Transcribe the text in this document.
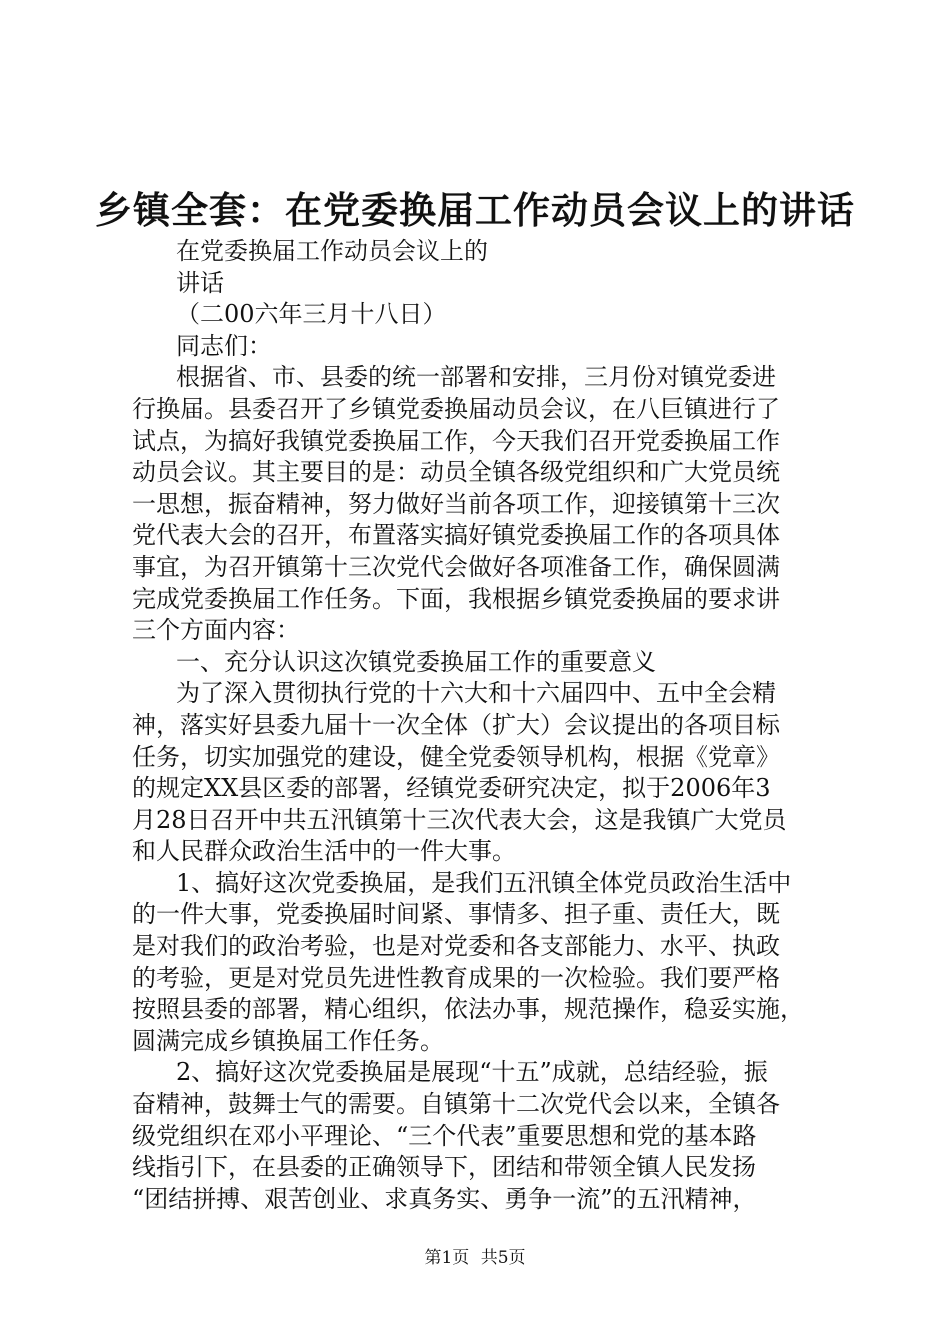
乡镇全套：在党委换届工作动员会议上的讲话
在党委换届工作动员会议上的
讲话
（二00六年三月十八日）
同志们：
根据省、市、县委的统一部署和安排，三月份对镇党委进
行换届。县委召开了乡镇党委换届动员会议，在八巨镇进行了
试点，为搞好我镇党委换届工作，今天我们召开党委换届工作
动员会议。其主要目的是：动员全镇各级党组织和广大党员统
一思想，振奋精神，努力做好当前各项工作，迎接镇第十三次
党代表大会的召开，布置落实搞好镇党委换届工作的各项具体
事宜，为召开镇第十三次党代会做好各项准备工作，确保圆满
完成党委换届工作任务。下面，我根据乡镇党委换届的要求讲
三个方面内容：
一、充分认识这次镇党委换届工作的重要意义
为了深入贯彻执行党的十六大和十六届四中、五中全会精
神，落实好县委九届十一次全体（扩大）会议提出的各项目标
任务，切实加强党的建设，健全党委领导机构，根据《党章》
的规定XX县区委的部署，经镇党委研究决定，拟于2006年3
月28日召开中共五汛镇第十三次代表大会，这是我镇广大党员
和人民群众政治生活中的一件大事。
1、搞好这次党委换届，是我们五汛镇全体党员政治生活中
的一件大事，党委换届时间紧、事情多、担子重、责任大，既
是对我们的政治考验，也是对党委和各支部能力、水平、执政
的考验，更是对党员先进性教育成果的一次检验。我们要严格
按照县委的部署，精心组织，依法办事，规范操作，稳妥实施，
圆满完成乡镇换届工作任务。
2、搞好这次党委换届是展现“十五”成就，总结经验，振
奋精神，鼓舞士气的需要。自镇第十二次党代会以来，全镇各
级党组织在邓小平理论、“三个代表”重要思想和党的基本路
线指引下，在县委的正确领导下，团结和带领全镇人民发扬
“团结拼搏、艰苦创业、求真务实、勇争一流”的五汛精神，
第1页 共5页
